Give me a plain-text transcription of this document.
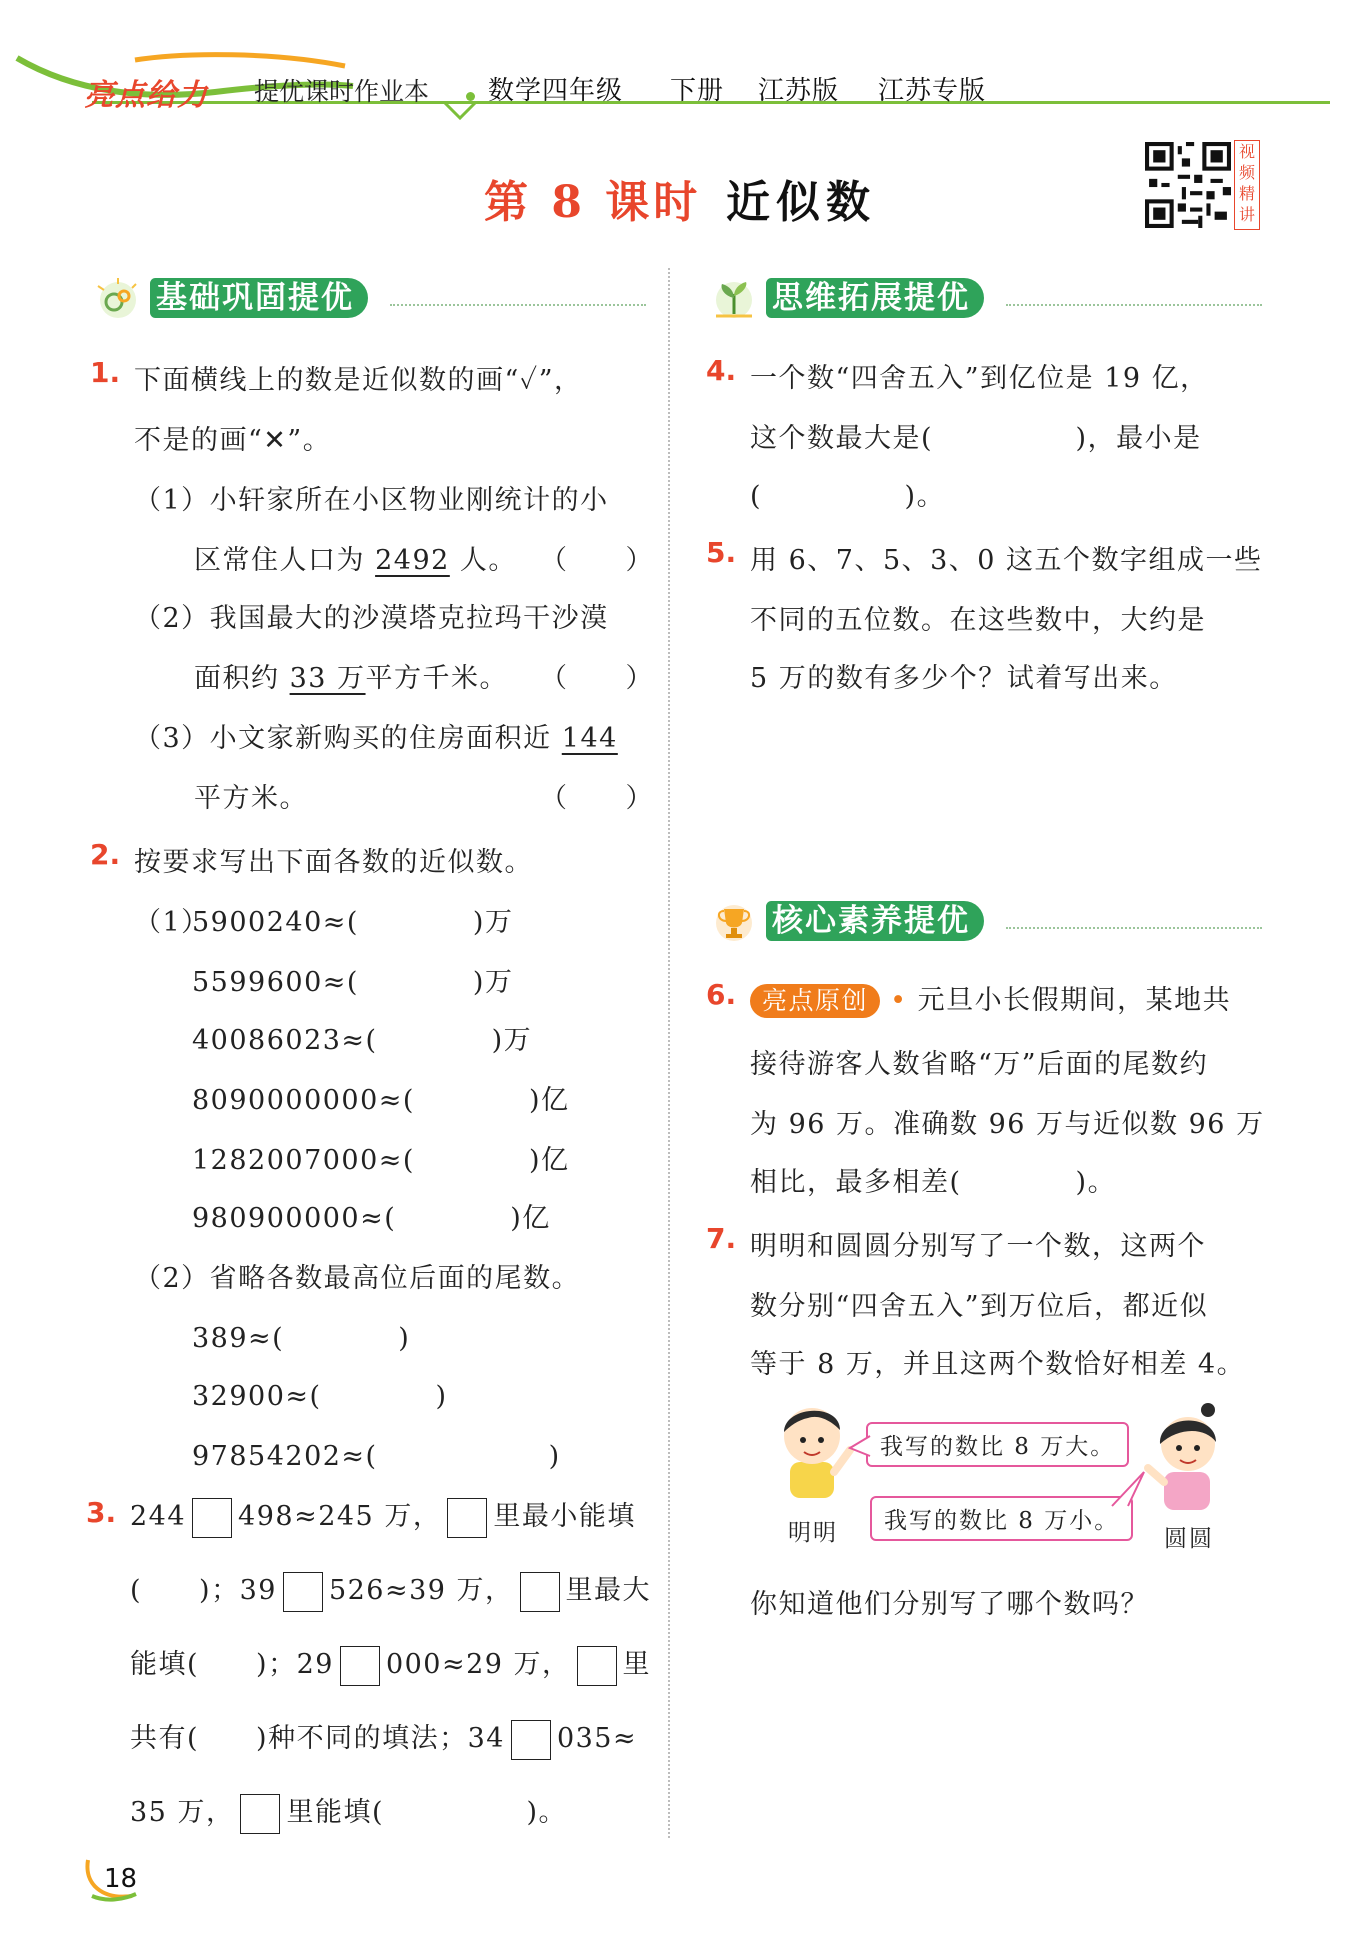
亮点给力 提优课时作业本 数学四年级 下册 江苏版 江苏专版
第 8 课时 近似数
视频精讲
基础巩固提优	思维拓展提优
核心素养提优
1. 下面横线上的数是近似数的画“✓”，
不是的画“✕”。
（1）小轩家所在小区物业刚统计的小
区常住人口为 2492 人。 （　　）
（2）我国最大的沙漠塔克拉玛干沙漠
面积约 33 万平方千米。 （　　）
（3）小文家新购买的住房面积近 144
平方米。	（　　）
2. 按要求写出下面各数的近似数。
（1）
5900240≈(　　　　)万
5599600≈(　　　　)万
40086023≈(　　　　)万
8090000000≈(　　　　)亿
1282007000≈(　　　　)亿
980900000≈(　　　　)亿
（2）省略各数最高位后面的尾数。
389≈(　　　　)
32900≈(　　　　)
97854202≈(　　　　　　)
3. 244 498≈245 万， 里最小能填
(　　)；39 526≈39 万， 里最大
能填(　　)；29 000≈29 万， 里
共有(　　)种不同的填法；34 035≈
35 万， 里能填(　　　　　)。
4. 一个数“四舍五入”到亿位是 19 亿，
这个数最大是(　　　　　)，最小是
(　　　　　)。
5. 用 6、7、5、3、0 这五个数字组成一些
不同的五位数。在这些数中，大约是
5 万的数有多少个？试着写出来。
6.	亮点原创 • 元旦小长假期间，某地共
接待游客人数省略“万”后面的尾数约
为 96 万。准确数 96 万与近似数 96 万
相比，最多相差(　　　　)。
7. 明明和圆圆分别写了一个数，这两个
数分别“四舍五入”到万位后，都近似
等于 8 万，并且这两个数恰好相差 4。
明明	圆圆
我写的数比 8 万大。
我写的数比 8 万小。
你知道他们分别写了哪个数吗？
18
